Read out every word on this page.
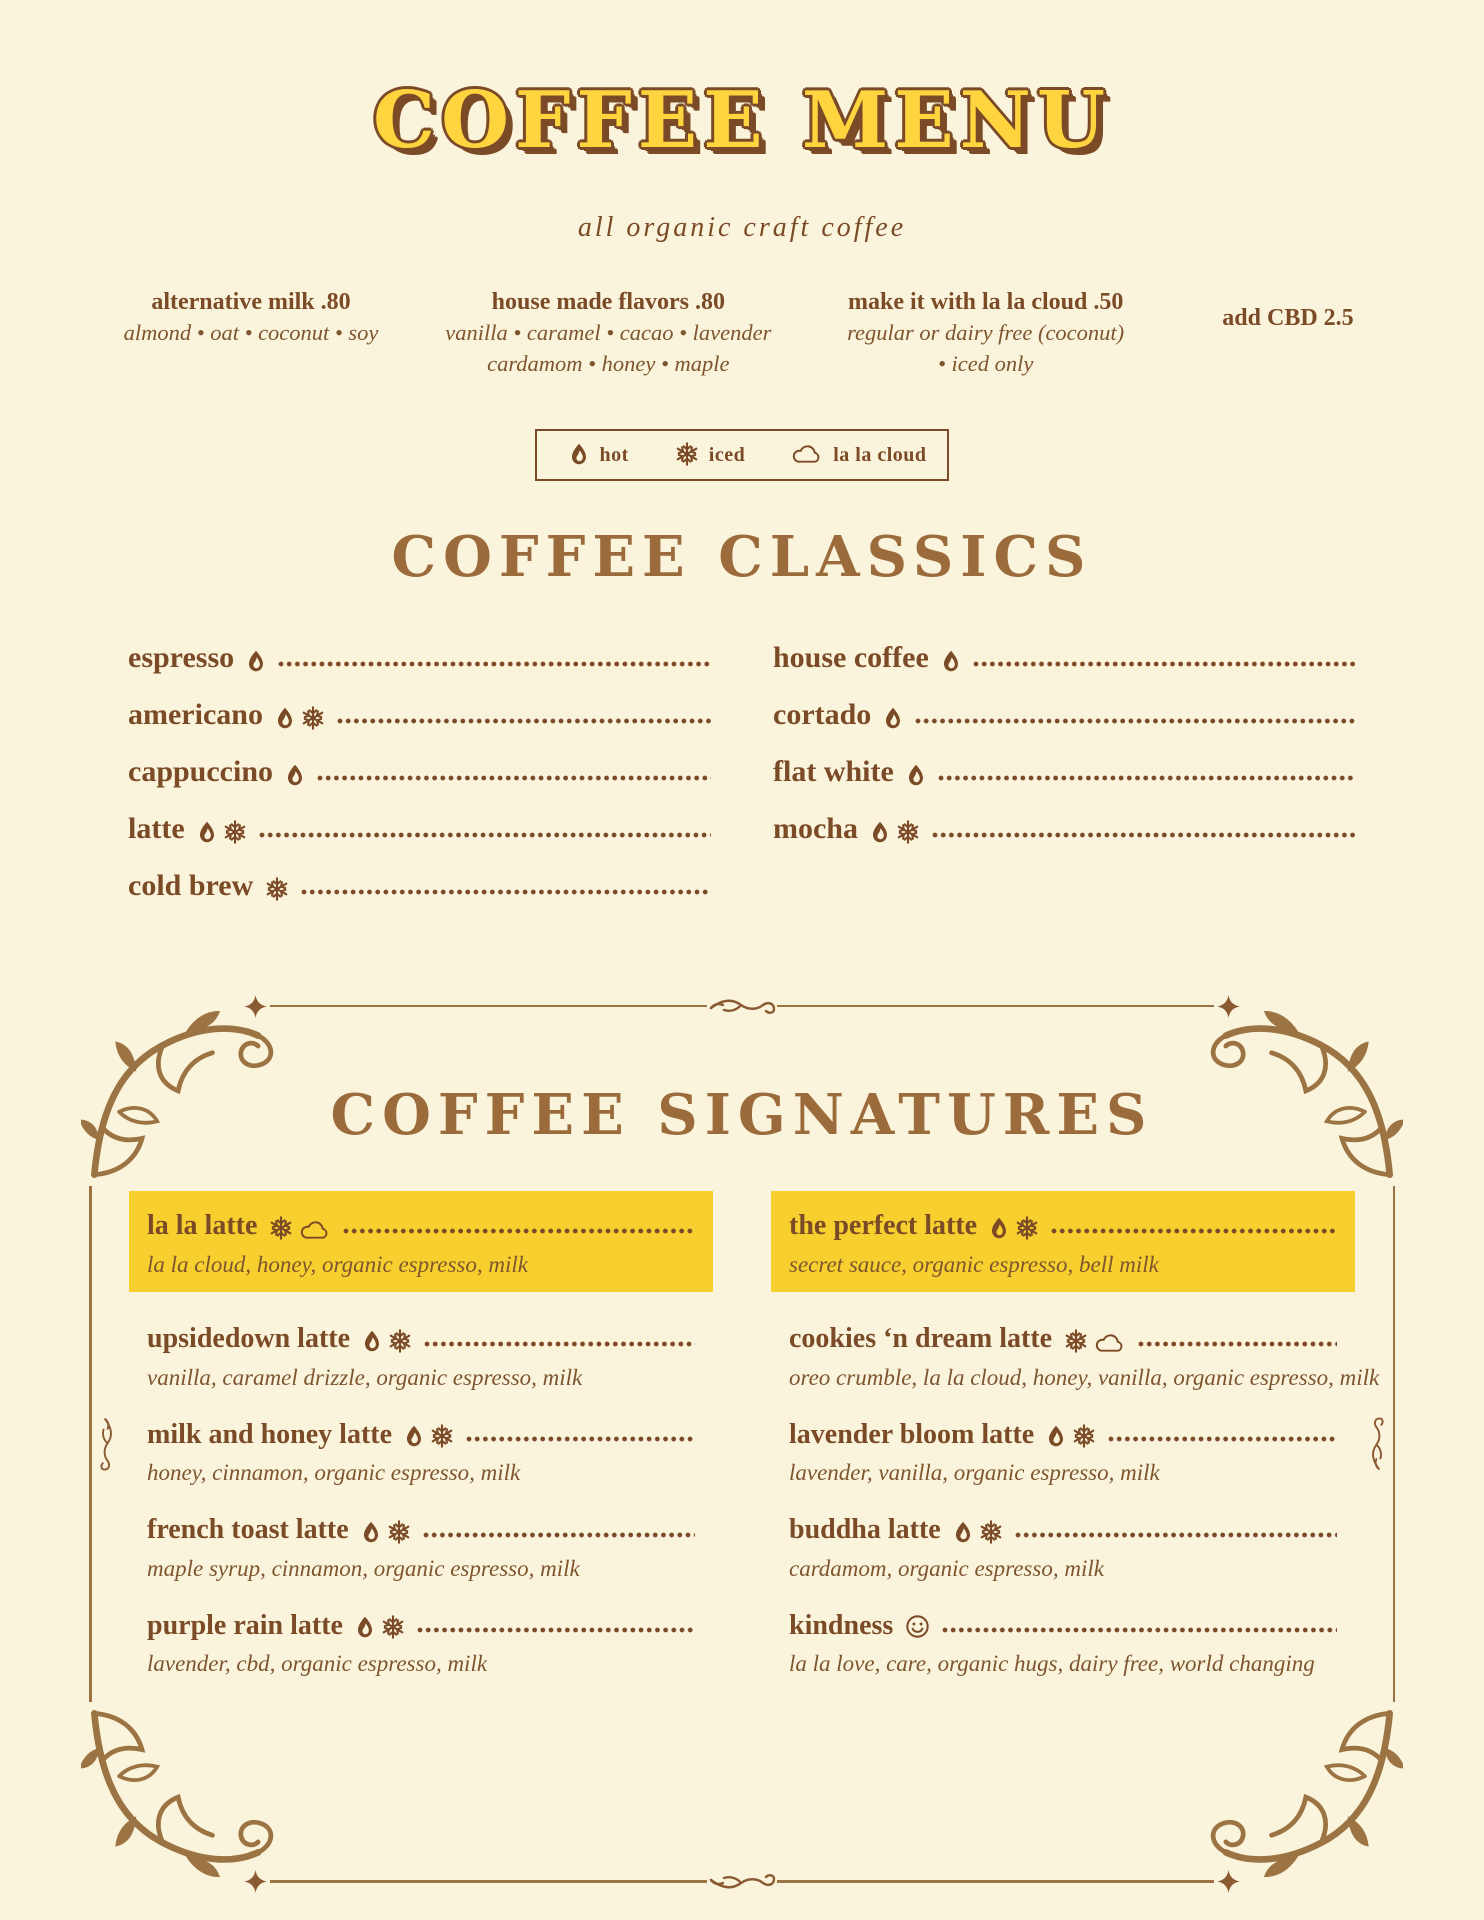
COFFEE MENU
all organic craft coffee
alternative milk .80
almond • oat • coconut • soy
house made flavors .80
vanilla • caramel • cacao • lavender
cardamom • honey • maple
make it with la la cloud .50
regular or dairy free (coconut)
• iced only
add CBD 2.5
hot	iced	la la cloud
COFFEE CLASSICS
espresso
americano
cappuccino
latte
cold brew
house coffee
cortado
flat white
mocha
COFFEE SIGNATURES
la la latte
la la cloud, honey, organic espresso, milk
upsidedown latte
vanilla, caramel drizzle, organic espresso, milk
milk and honey latte
honey, cinnamon, organic espresso, milk
french toast latte
maple syrup, cinnamon, organic espresso, milk
purple rain latte
lavender, cbd, organic espresso, milk
the perfect latte
secret sauce, organic espresso, bell milk
cookies ‘n dream latte
oreo crumble, la la cloud, honey, vanilla, organic espresso, milk
lavender bloom latte
lavender, vanilla, organic espresso, milk
buddha latte
cardamom, organic espresso, milk
kindness
la la love, care, organic hugs, dairy free, world changing
